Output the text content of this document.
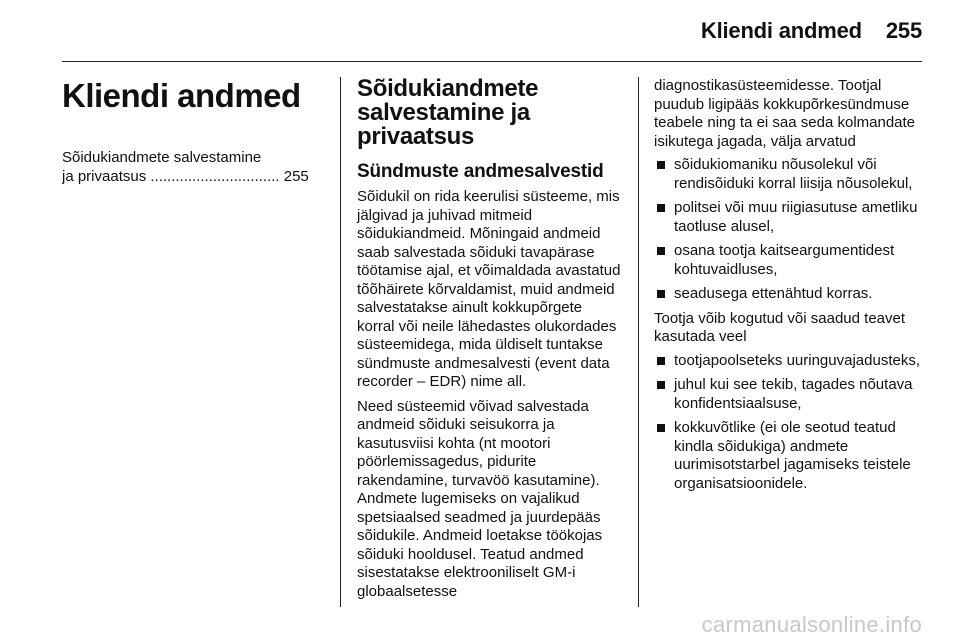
Kliendi andmed 255
Kliendi andmed
Sõidukiandmete salvestamine
ja privaatsus ............................... 255
Sõidukiandmete salvestamine ja privaatsus
Sündmuste andmesalvestid

Sõidukil on rida keerulisi süsteeme, mis jälgivad ja juhivad mitmeid sõidukiandmeid. Mõningaid andmeid saab salvestada sõiduki tavapärase töötamise ajal, et võimaldada avastatud tõõhäirete kõrvaldamist, muid andmeid salvestatakse ainult kokkupõrgete korral või neile lähedastes olukordades süsteemidega, mida üldiselt tuntakse sündmuste andmesalvesti (event data recorder – EDR) nime all.

Need süsteemid võivad salvestada andmeid sõiduki seisukorra ja kasutusviisi kohta (nt mootori pöörlemissagedus, pidurite rakendamine, turvavöö kasutamine). Andmete lugemiseks on vajalikud spetsiaalsed seadmed ja juurdepääs sõidukile. Andmeid loetakse töökojas sõiduki hooldusel. Teatud andmed sisestatakse elektrooniliselt GM-i globaalsetesse

diagnostikasüsteemidesse. Tootjal puudub ligipääs kokkupõrkesündmuse teabele ning ta ei saa seda kolmandate isikutega jagada, välja arvatud

sõidukiomaniku nõusolekul või rendisõiduki korral liisija nõusolekul,
politsei või muu riigiasutuse ametliku taotluse alusel,
osana tootja kaitseargumentidest kohtuvaidluses,
seadusega ettenähtud korras.

Tootja võib kogutud või saadud teavet kasutada veel

tootjapoolseteks uuringuvajadusteks,
juhul kui see tekib, tagades nõutava konfidentsiaalsuse,
kokkuvõtlike (ei ole seotud teatud kindla sõidukiga) andmete uurimisotstarbel jagamiseks teistele organisatsioonidele.
carmanualsonline.info
